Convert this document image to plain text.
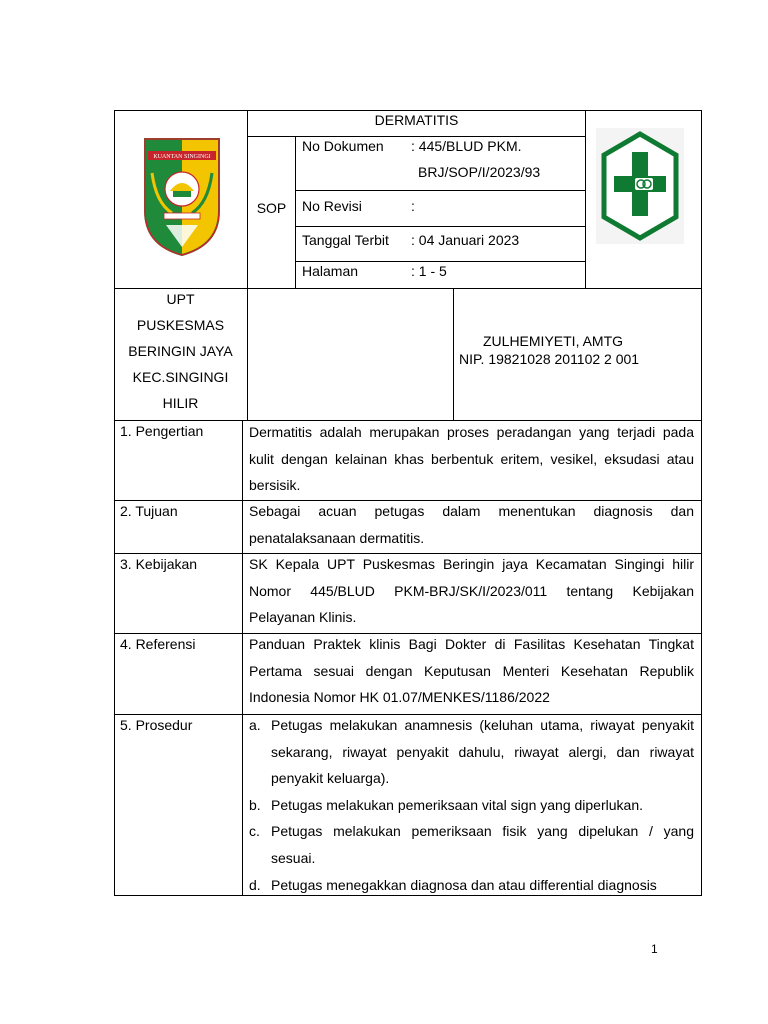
KUANTAN SINGINGI
DERMATITIS
SOP
No Dokumen : 445/BLUD PKM.
BRJ/SOP/I/2023/93
No Revisi	:
Tanggal Terbit : 04 Januari 2023
Halaman	: 1 - 5
UPT
PUSKESMAS
BERINGIN JAYA
KEC.SINGINGI
HILIR
ZULHEMIYETI, AMTG
NIP. 19821028 201102 2 001
1. Pengertian	Dermatitis adalah merupakan proses peradangan yang terjadi pada kulit dengan kelainan khas berbentuk eritem, vesikel, eksudasi atau bersisik.
2. Tujuan	Sebagai acuan petugas dalam menentukan diagnosis dan penatalaksanaan dermatitis.
3. Kebijakan	SK Kepala UPT Puskesmas Beringin jaya Kecamatan Singingi hilir Nomor 445/BLUD PKM-BRJ/SK/I/2023/011 tentang Kebijakan Pelayanan Klinis.
4. Referensi	Panduan Praktek klinis Bagi Dokter di Fasilitas Kesehatan Tingkat Pertama sesuai dengan Keputusan Menteri Kesehatan Republik Indonesia Nomor HK 01.07/MENKES/1186/2022
5. Prosedur	a. Petugas melakukan anamnesis (keluhan utama, riwayat penyakit sekarang, riwayat penyakit dahulu, riwayat alergi, dan riwayat penyakit keluarga).
b. Petugas melakukan pemeriksaan vital sign yang diperlukan.
c. Petugas melakukan pemeriksaan fisik yang dipelukan / yang sesuai.
d. Petugas menegakkan diagnosa dan atau differential diagnosis
1
